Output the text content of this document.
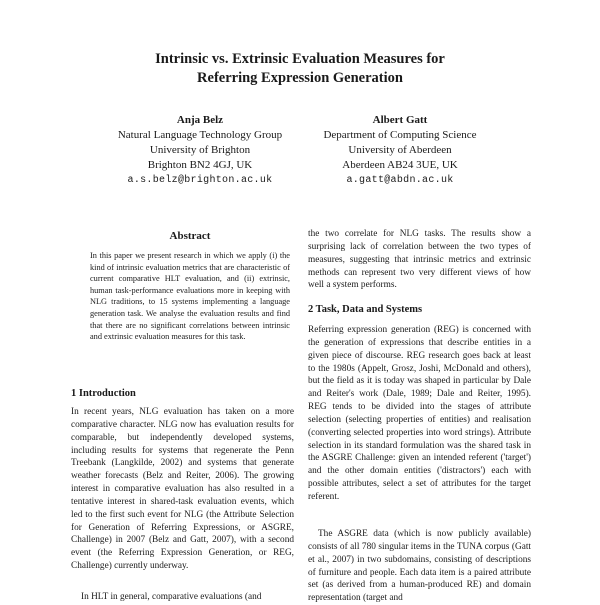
Intrinsic vs. Extrinsic Evaluation Measures for
Referring Expression Generation
Anja Belz
Natural Language Technology Group
University of Brighton
Brighton BN2 4GJ, UK
a.s.belz@brighton.ac.uk
Albert Gatt
Department of Computing Science
University of Aberdeen
Aberdeen AB24 3UE, UK
a.gatt@abdn.ac.uk
Abstract
In this paper we present research in which we apply (i) the kind of intrinsic evaluation metrics that are characteristic of current comparative HLT evaluation, and (ii) extrinsic, human task-performance evaluations more in keeping with NLG traditions, to 15 systems implementing a language generation task. We analyse the evaluation results and find that there are no significant correlations between intrinsic and extrinsic evaluation measures for this task.
1 Introduction
In recent years, NLG evaluation has taken on a more comparative character. NLG now has evaluation results for comparable, but independently developed systems, including results for systems that regenerate the Penn Treebank (Langkilde, 2002) and systems that generate weather forecasts (Belz and Reiter, 2006). The growing interest in comparative evaluation has also resulted in a tentative interest in shared-task evaluation events, which led to the first such event for NLG (the Attribute Selection for Generation of Referring Expressions, or ASGRE, Challenge) in 2007 (Belz and Gatt, 2007), with a second event (the Referring Expression Generation, or REG, Challenge) currently underway.
In HLT in general, comparative evaluations (and
the two correlate for NLG tasks. The results show a surprising lack of correlation between the two types of measures, suggesting that intrinsic metrics and extrinsic methods can represent two very different views of how well a system performs.
2 Task, Data and Systems
Referring expression generation (REG) is concerned with the generation of expressions that describe entities in a given piece of discourse. REG research goes back at least to the 1980s (Appelt, Grosz, Joshi, McDonald and others), but the field as it is today was shaped in particular by Dale and Reiter's work (Dale, 1989; Dale and Reiter, 1995). REG tends to be divided into the stages of attribute selection (selecting properties of entities) and realisation (converting selected properties into word strings). Attribute selection in its standard formulation was the shared task in the ASGRE Challenge: given an intended referent ('target') and the other domain entities ('distractors') each with possible attributes, select a set of attributes for the target referent.
The ASGRE data (which is now publicly available) consists of all 780 singular items in the TUNA corpus (Gatt et al., 2007) in two subdomains, consisting of descriptions of furniture and people. Each data item is a paired attribute set (as derived from a human-produced RE) and domain representation (target and
